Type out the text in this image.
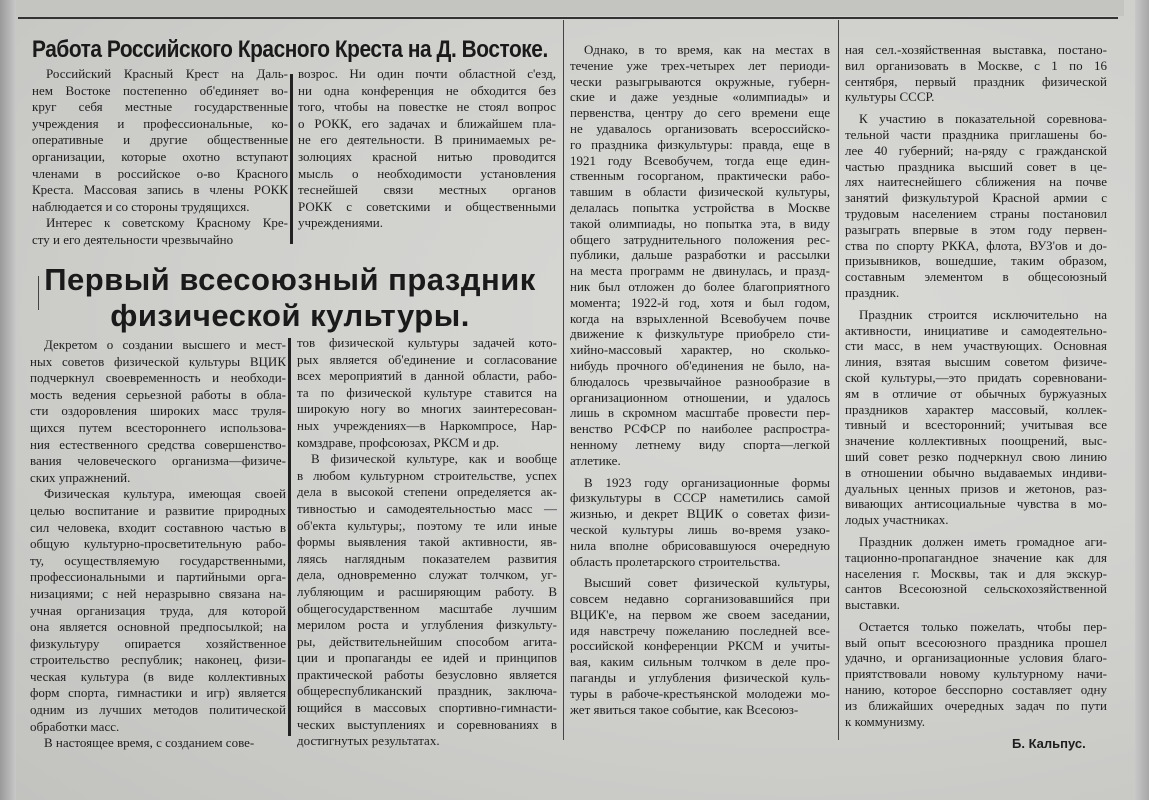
Работа Российского Красного Креста на Д. Востоке.
Первый всесоюзный праздник
физической культуры.
Российский Красный Крест на Даль-
нем Востоке постепенно об'единяет во-
круг себя местные государственные
учреждения и профессиональные, ко-
оперативные и другие общественные
организации, которые охотно вступают
членами в российское о-во Красного
Креста. Массовая запись в члены РОКК
наблюдается и со стороны трудящихся.
Интерес к советскому Красному Кре-
сту и его деятельности чрезвычайно
возрос. Ни один почти областной с'езд,
ни одна конференция не обходится без
того, чтобы на повестке не стоял вопрос
о РОКК, его задачах и ближайшем пла-
не его деятельности. В принимаемых ре-
золюциях красной нитью проводится
мысль о необходимости установления
теснейшей связи местных органов
РОКК с советскими и общественными
учреждениями.
Декретом о создании высшего и мест-
ных советов физической культуры ВЦИК
подчеркнул своевременность и необходи-
мость ведения серьезной работы в обла-
сти оздоровления широких масс труля-
щихся путем всестороннего использова-
ния естественного средства совершенство-
вания человеческого организма—физиче-
ских упражнений.
Физическая культура, имеющая своей
целью воспитание и развитие природных
сил человека, входит составною частью в
общую культурно-просветительную рабо-
ту, осуществляемую государственными,
профессиональными и партийными орга-
низациями; с ней неразрывно связана на-
учная организация труда, для которой
она является основной предпосылкой; на
физкультуру опирается хозяйственное
строительство республик; наконец, физи-
ческая культура (в виде коллективных
форм спорта, гимнастики и игр) является
одним из лучших методов политической
обработки масс.
В настоящее время, с созданием сове-
тов физической культуры задачей кото-
рых является об'единение и согласование
всех мероприятий в данной области, рабо-
та по физической культуре ставится на
широкую ногу во многих заинтересован-
ных учреждениях—в Наркомпросе, Нар-
комздраве, профсоюзах, РКСМ и др.
В физической культуре, как и вообще
в любом культурном строительстве, успех
дела в высокой степени определяется ак-
тивностью и самодеятельностью масс —
об'екта культуры;, поэтому те или иные
формы выявления такой активности, яв-
ляясь наглядным показателем развития
дела, одновременно служат толчком, уг-
лубляющим и расширяющим работу. В
общегосударственном масштабе лучшим
мерилом роста и углубления физкульту-
ры, действительнейшим способом агита-
ции и пропаганды ее идей и принципов
практической работы безусловно является
общереспубликанский праздник, заключа-
ющийся в массовых спортивно-гимнасти-
ческих выступлениях и соревнованиях в
достигнутых результатах.
Однако, в то время, как на местах в
течение уже трех-четырех лет периоди-
чески разыгрываются окружные, губерн-
ские и даже уездные «олимпиады» и
первенства, центру до сего времени еще
не удавалось организовать всероссийско-
го праздника физкультуры: правда, еще в
1921 году Всевобучем, тогда еще един-
ственным госорганом, практически рабо-
тавшим в области физической культуры,
делалась попытка устройства в Москве
такой олимпиады, но попытка эта, в виду
общего затруднительного положения рес-
публики, дальше разработки и рассылки
на места программ не двинулась, и празд-
ник был отложен до более благоприятного
момента; 1922-й год, хотя и был годом,
когда на взрыхленной Всевобучем почве
движение к физкультуре приобрело сти-
хийно-массовый характер, но сколько-
нибудь прочного об'единения не было, на-
блюдалось чрезвычайное разнообразие в
организационном отношении, и удалось
лишь в скромном масштабе провести пер-
венство РСФСР по наиболее распростра-
ненному летнему виду спорта—легкой
атлетике.
В 1923 году организационные формы
физкультуры в СССР наметились самой
жизнью, и декрет ВЦИК о советах физи-
ческой культуры лишь во-время узако-
нила вполне обрисовавшуюся очередную
область пролетарского строительства.
Высший совет физической культуры,
совсем недавно сорганизовавшийся при
ВЦИК'е, на первом же своем заседании,
идя навстречу пожеланию последней все-
российской конференции РКСМ и учиты-
вая, каким сильным толчком в деле про-
паганды и углубления физической куль-
туры в рабоче-крестьянской молодежи мо-
жет явиться такое событие, как Всесоюз-
ная сел.-хозяйственная выставка, постано-
вил организовать в Москве, с 1 по 16
сентября, первый праздник физической
культуры СССР.
К участию в показательной соревнова-
тельной части праздника приглашены бо-
лее 40 губерний; на-ряду с гражданской
частью праздника высший совет в це-
лях наитеснейшего сближения на почве
занятий физкультурой Красной армии с
трудовым населением страны постановил
разыграть впервые в этом году первен-
ства по спорту РККА, флота, ВУЗ'ов и до-
призывников, вошедшие, таким образом,
составным элементом в общесоюзный
праздник.
Праздник строится исключительно на
активности, инициативе и самодеятельно-
сти масс, в нем участвующих. Основная
линия, взятая высшим советом физиче-
ской культуры,—это придать соревновани-
ям в отличие от обычных буржуазных
праздников характер массовый, коллек-
тивный и всесторонний; учитывая все
значение коллективных поощрений, выс-
ший совет резко подчеркнул свою линию
в отношении обычно выдаваемых индиви-
дуальных ценных призов и жетонов, раз-
вивающих антисоциальные чувства в мо-
лодых участниках.
Праздник должен иметь громадное аги-
тационно-пропагандное значение как для
населения г. Москвы, так и для экскур-
сантов Всесоюзной сельскохозяйственной
выставки.
Остается только пожелать, чтобы пер-
вый опыт всесоюзного праздника прошел
удачно, и организационные условия благо-
приятствовали новому культурному начи-
нанию, которое бесспорно составляет одну
из ближайших очередных задач по пути
к коммунизму.
Б. Кальпус.
